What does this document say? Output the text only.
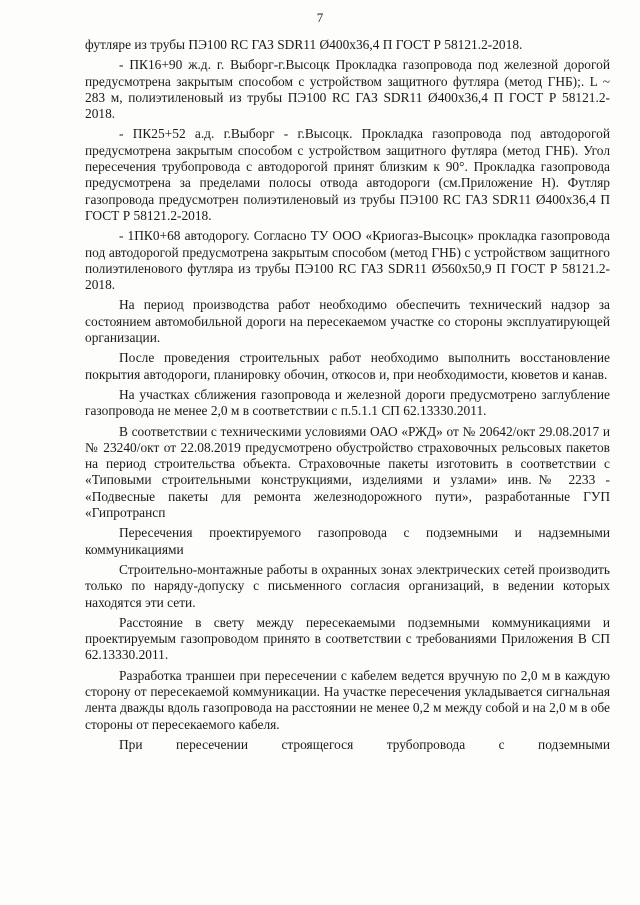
7

футляре из трубы ПЭ100 RC ГАЗ SDR11 Ø400х36,4 П ГОСТ Р 58121.2-2018.

- ПК16+90 ж.д. г. Выборг-г.Высоцк Прокладка газопровода под железной дорогой предусмотрена закрытым способом с устройством защитного футляра (метод ГНБ);. L ~ 283 м, полиэтиленовый из трубы ПЭ100 RC ГАЗ SDR11 Ø400х36,4 П ГОСТ Р 58121.2-2018.

- ПК25+52 а.д. г.Выборг - г.Высоцк. Прокладка газопровода под автодорогой предусмотрена закрытым способом с устройством защитного футляра (метод ГНБ). Угол пересечения трубопровода с автодорогой принят близким к 90°. Прокладка газопровода предусмотрена за пределами полосы отвода автодороги (см.Приложение Н). Футляр газопровода предусмотрен полиэтиленовый из трубы ПЭ100 RC ГАЗ SDR11 Ø400х36,4 П ГОСТ Р 58121.2-2018.

- 1ПК0+68 автодорогу. Согласно ТУ ООО «Криогаз-Высоцк» прокладка газопровода под автодорогой предусмотрена закрытым способом (метод ГНБ) с устройством защитного полиэтиленового футляра из трубы ПЭ100 RC ГАЗ SDR11 Ø560х50,9 П ГОСТ Р 58121.2-2018.

На период производства работ необходимо обеспечить технический надзор за состоянием автомобильной дороги на пересекаемом участке со стороны эксплуатирующей организации.

После проведения строительных работ необходимо выполнить восстановление покрытия автодороги, планировку обочин, откосов и, при необходимости, кюветов и канав.

На участках сближения газопровода и железной дороги предусмотрено заглубление газопровода не менее 2,0 м в соответствии с п.5.1.1 СП 62.13330.2011.

В соответствии с техническими условиями ОАО «РЖД» от № 20642/окт 29.08.2017 и № 23240/окт от 22.08.2019 предусмотрено обустройство страховочных рельсовых пакетов на период строительства объекта. Страховочные пакеты изготовить в соответствии с «Типовыми строительными конструкциями, изделиями и узлами» инв.№ 2233 - «Подвесные пакеты для ремонта железнодорожного пути», разработанные ГУП «Гипротрансп

Пересечения проектируемого газопровода с подземными и надземными коммуникациями

Строительно-монтажные работы в охранных зонах электрических сетей производить только по наряду-допуску с письменного согласия организаций, в ведении которых находятся эти сети.

Расстояние в свету между пересекаемыми подземными коммуникациями и проектируемым газопроводом принято в соответствии с требованиями Приложения В СП 62.13330.2011.

Разработка траншеи при пересечении с кабелем ведется вручную по 2,0 м в каждую сторону от пересекаемой коммуникации. На участке пересечения укладывается сигнальная лента дважды вдоль газопровода на расстоянии не менее 0,2 м между собой и на 2,0 м в обе стороны от пересекаемого кабеля.

При пересечении строящегося трубопровода с подземными
